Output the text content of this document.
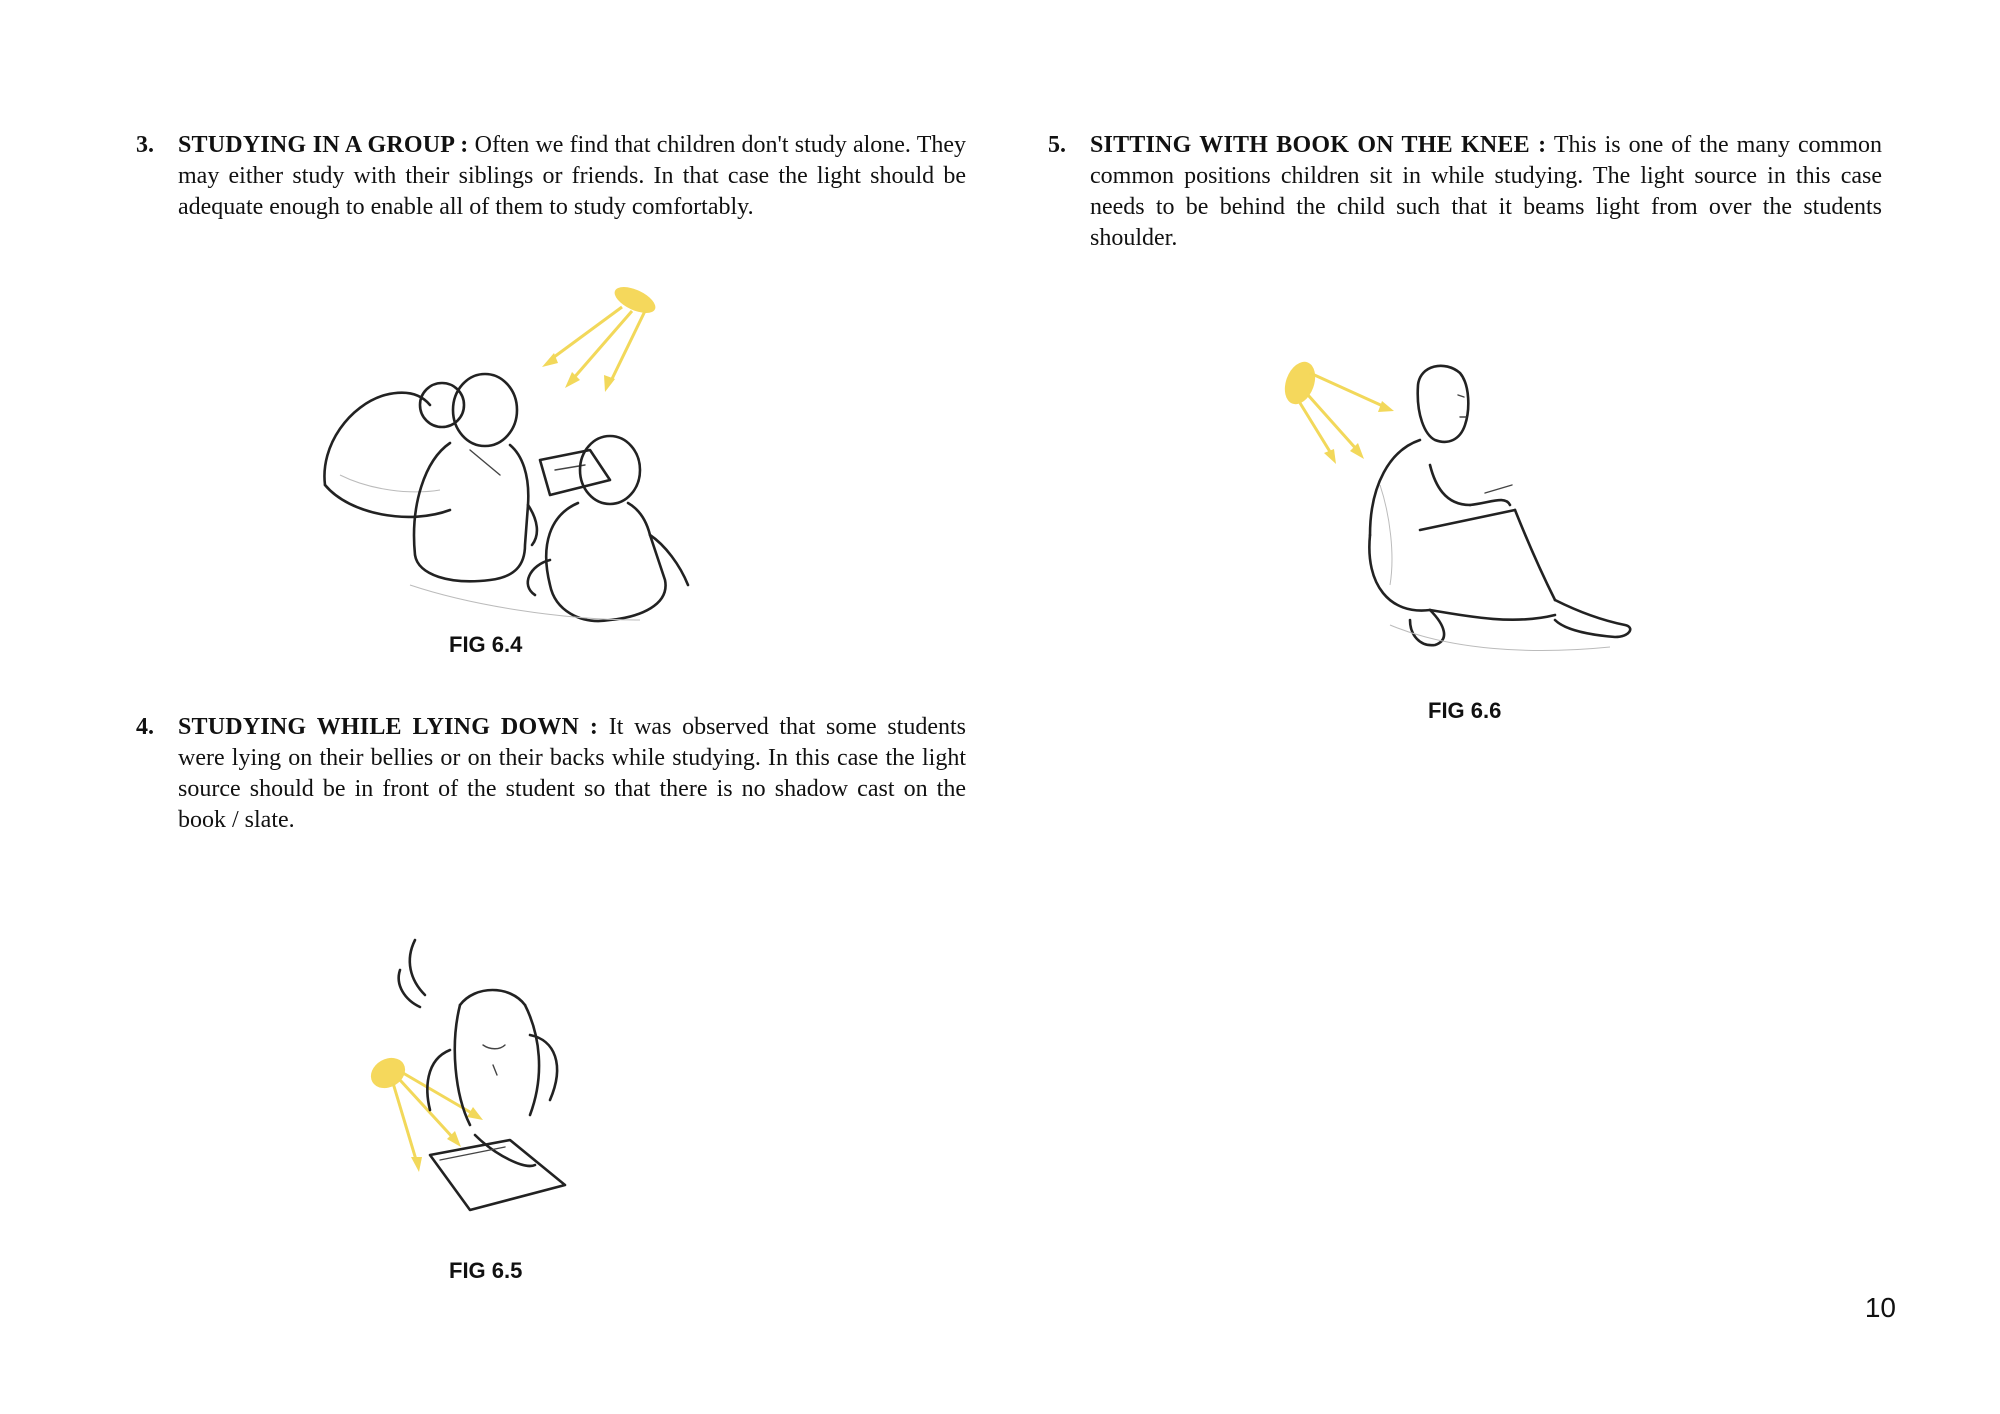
3. STUDYING IN A GROUP : Often we find that children don't study alone. They may either study with their siblings or friends. In that case the light should be adequate enough to enable all of them to study comfortably.
FIG 6.4
4. STUDYING WHILE LYING DOWN : It was observed that some students were lying on their bellies or on their backs while studying. In this case the light source should be in front of the student so that there is no shadow cast on the book / slate.
FIG 6.5
5. SITTING WITH BOOK ON THE KNEE : This is one of the many common common positions children sit in while studying. The light source in this case needs to be behind the child such that it beams light from over the students shoulder.
FIG 6.6
10
